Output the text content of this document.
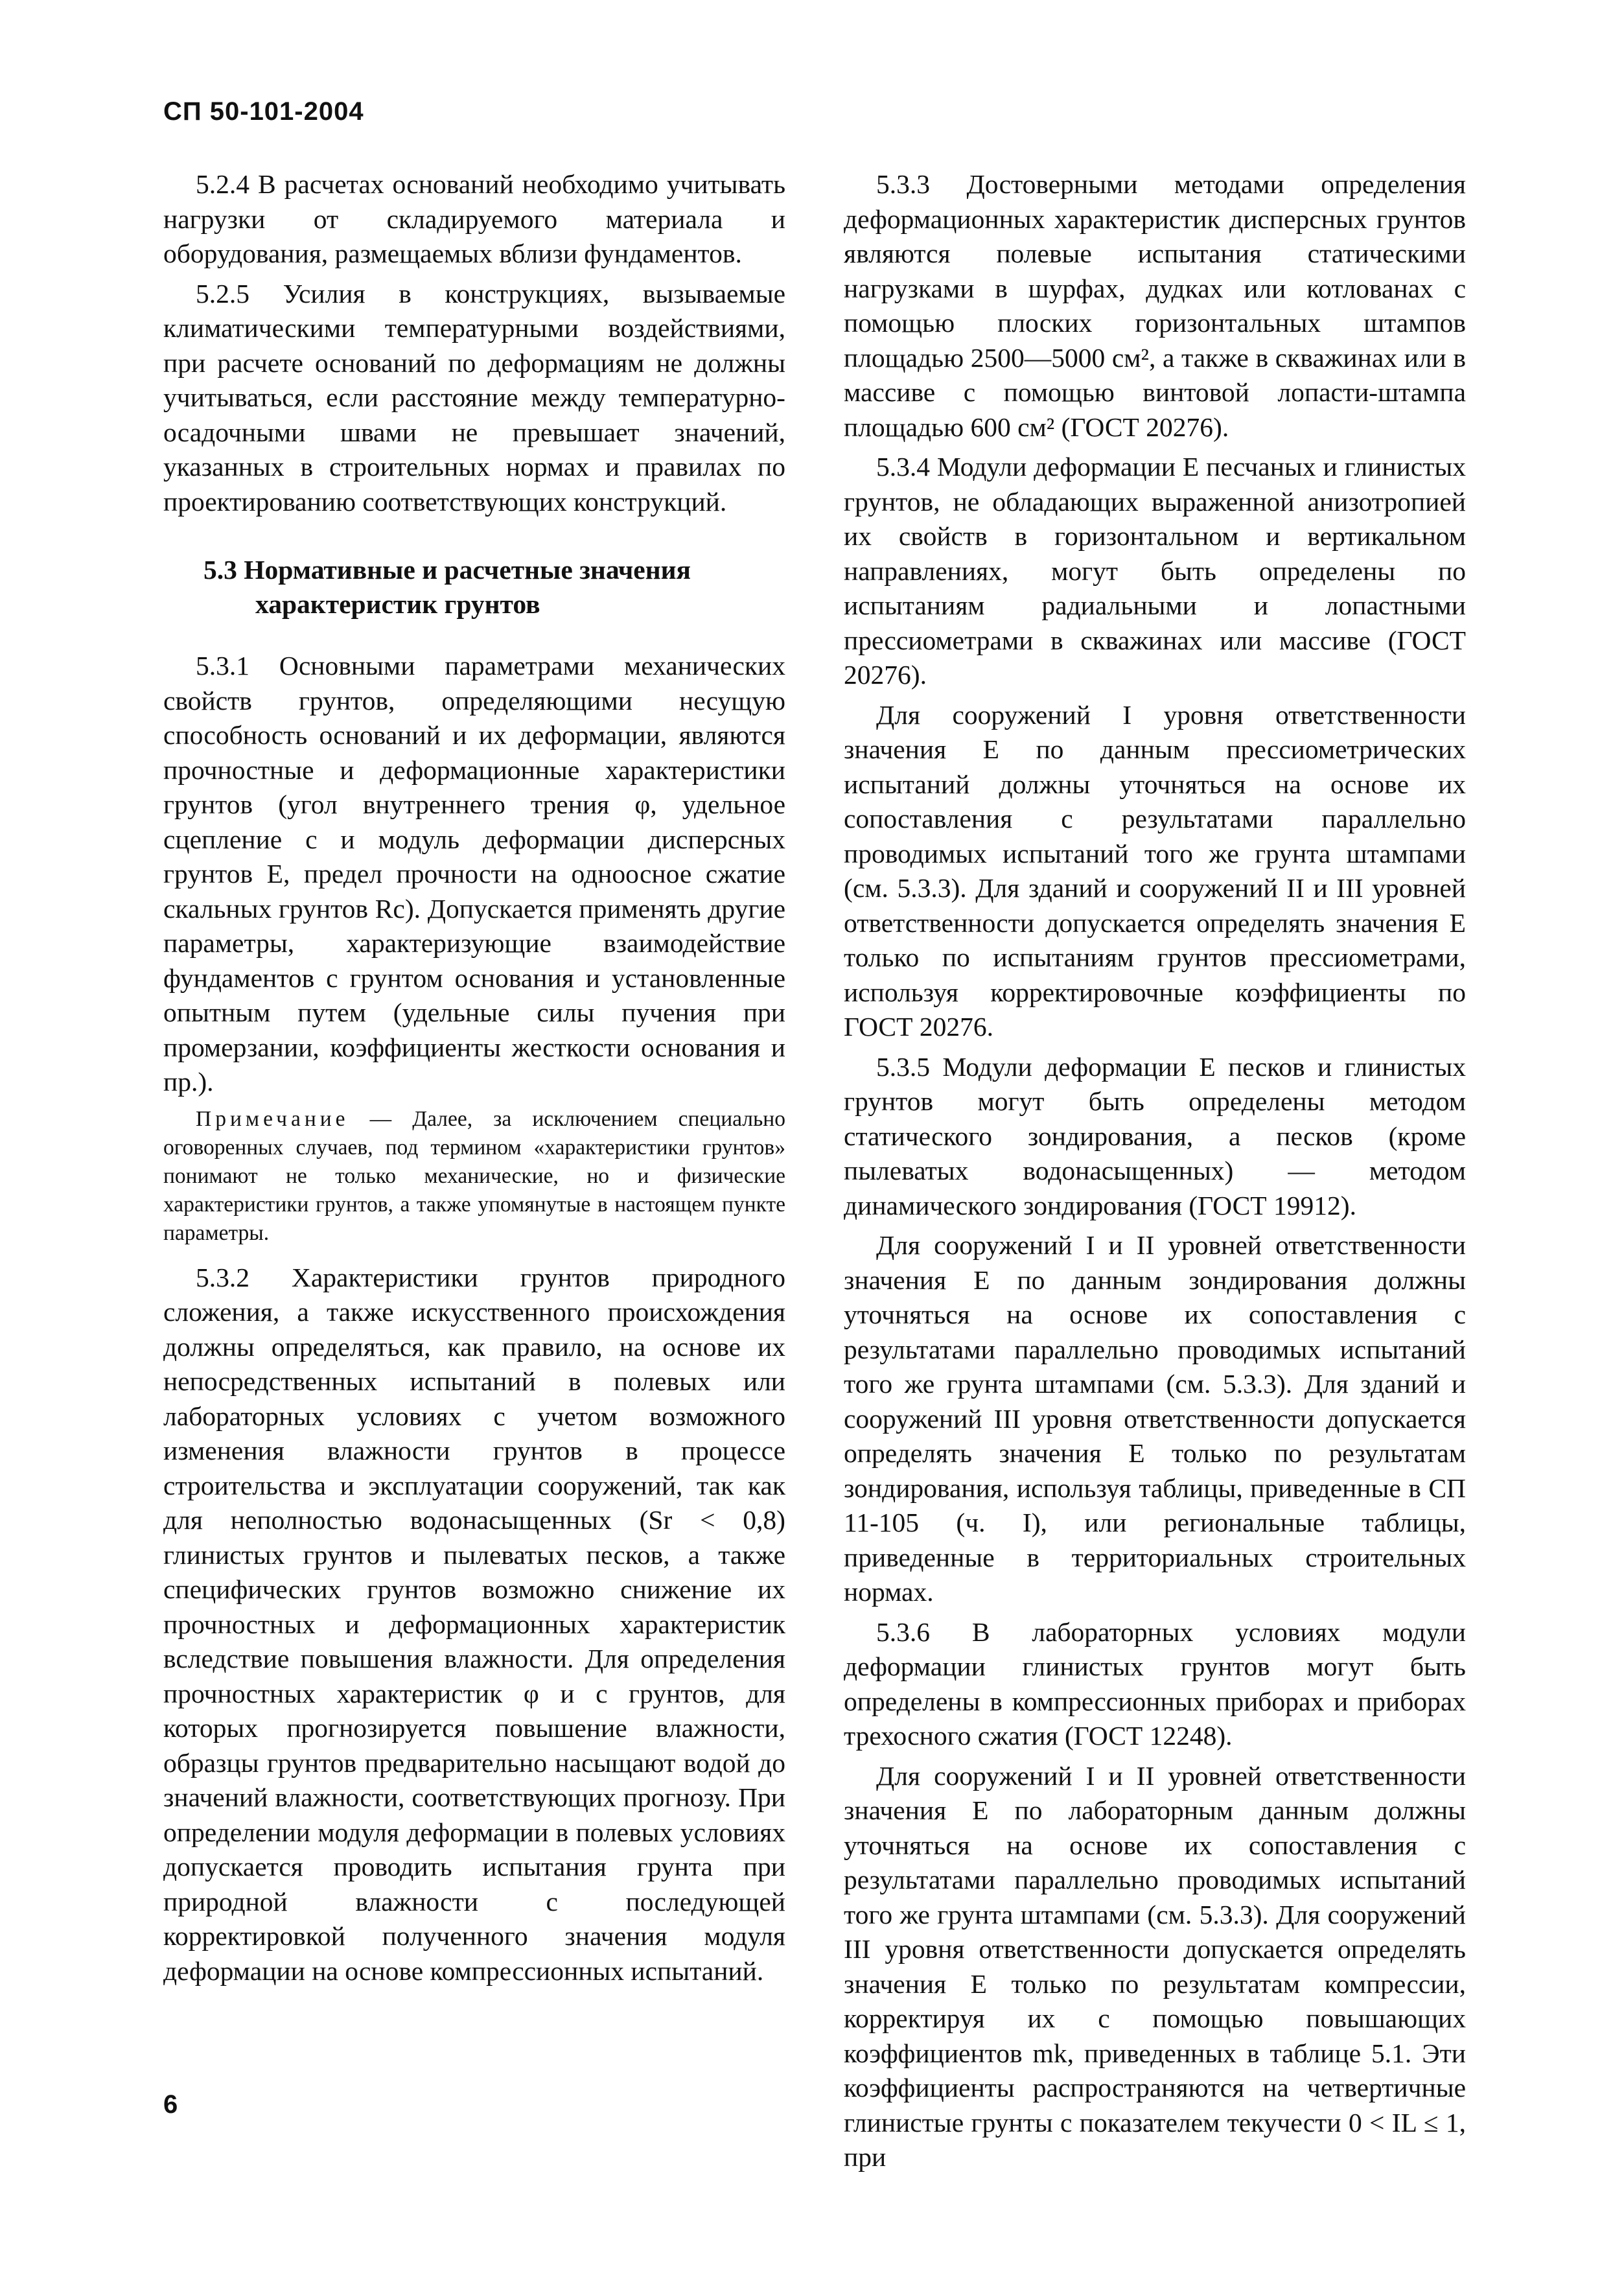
СП 50-101-2004

5.2.4 В расчетах оснований необходимо учитывать нагрузки от складируемого материала и оборудования, размещаемых вблизи фундаментов.

5.2.5 Усилия в конструкциях, вызываемые климатическими температурными воздействиями, при расчете оснований по деформациям не должны учитываться, если расстояние между температурно-осадочными швами не превышает значений, указанных в строительных нормах и правилах по проектированию соответствующих конструкций.

5.3 Нормативные и расчетные значения
характеристик грунтов

5.3.1 Основными параметрами механических свойств грунтов, определяющими несущую способность оснований и их деформации, являются прочностные и деформационные характеристики грунтов (угол внутреннего трения φ, удельное сцепление c и модуль деформации дисперсных грунтов E, предел прочности на одноосное сжатие скальных грунтов Rc). Допускается применять другие параметры, характеризующие взаимодействие фундаментов с грунтом основания и установленные опытным путем (удельные силы пучения при промерзании, коэффициенты жесткости основания и пр.).

Примечание — Далее, за исключением специально оговоренных случаев, под термином «характеристики грунтов» понимают не только механические, но и физические характеристики грунтов, а также упомянутые в настоящем пункте параметры.

5.3.2 Характеристики грунтов природного сложения, а также искусственного происхождения должны определяться, как правило, на основе их непосредственных испытаний в полевых или лабораторных условиях с учетом возможного изменения влажности грунтов в процессе строительства и эксплуатации сооружений, так как для неполностью водонасыщенных (Sr < 0,8) глинистых грунтов и пылеватых песков, а также специфических грунтов возможно снижение их прочностных и деформационных характеристик вследствие повышения влажности. Для определения прочностных характеристик φ и c грунтов, для которых прогнозируется повышение влажности, образцы грунтов предварительно насыщают водой до значений влажности, соответствующих прогнозу. При определении модуля деформации в полевых условиях допускается проводить испытания грунта при природной влажности с последующей корректировкой полученного значения модуля деформации на основе компрессионных испытаний.

5.3.3 Достоверными методами определения деформационных характеристик дисперсных грунтов являются полевые испытания статическими нагрузками в шурфах, дудках или котлованах с помощью плоских горизонтальных штампов площадью 2500—5000 см², а также в скважинах или в массиве с помощью винтовой лопасти-штампа площадью 600 см² (ГОСТ 20276).

5.3.4 Модули деформации E песчаных и глинистых грунтов, не обладающих выраженной анизотропией их свойств в горизонтальном и вертикальном направлениях, могут быть определены по испытаниям радиальными и лопастными прессиометрами в скважинах или массиве (ГОСТ 20276).

Для сооружений I уровня ответственности значения E по данным прессиометрических испытаний должны уточняться на основе их сопоставления с результатами параллельно проводимых испытаний того же грунта штампами (см. 5.3.3). Для зданий и сооружений II и III уровней ответственности допускается определять значения E только по испытаниям грунтов прессиометрами, используя корректировочные коэффициенты по ГОСТ 20276.

5.3.5 Модули деформации E песков и глинистых грунтов могут быть определены методом статического зондирования, а песков (кроме пылеватых водонасыщенных) — методом динамического зондирования (ГОСТ 19912).

Для сооружений I и II уровней ответственности значения E по данным зондирования должны уточняться на основе их сопоставления с результатами параллельно проводимых испытаний того же грунта штампами (см. 5.3.3). Для зданий и сооружений III уровня ответственности допускается определять значения E только по результатам зондирования, используя таблицы, приведенные в СП 11-105 (ч. I), или региональные таблицы, приведенные в территориальных строительных нормах.

5.3.6 В лабораторных условиях модули деформации глинистых грунтов могут быть определены в компрессионных приборах и приборах трехосного сжатия (ГОСТ 12248).

Для сооружений I и II уровней ответственности значения E по лабораторным данным должны уточняться на основе их сопоставления с результатами параллельно проводимых испытаний того же грунта штампами (см. 5.3.3). Для сооружений III уровня ответственности допускается определять значения E только по результатам компрессии, корректируя их с помощью повышающих коэффициентов mk, приведенных в таблице 5.1. Эти коэффициенты распространяются на четвертичные глинистые грунты с показателем текучести 0 < IL ≤ 1, при

6
